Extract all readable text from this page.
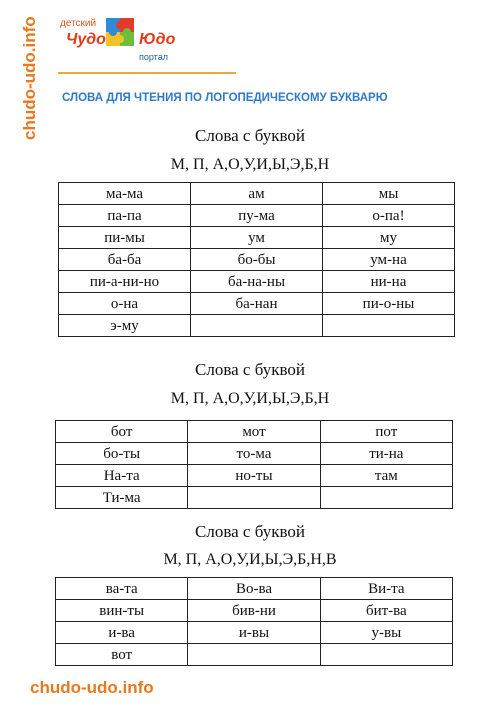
chudo-udo.info детский
Чудо Юдо
портал
СЛОВА ДЛЯ ЧТЕНИЯ ПО ЛОГОПЕДИЧЕСКОМУ БУКВАРЮ
Слова с буквой
М, П, А,О,У,И,Ы,Э,Б,Н
ма-ма	ам	мы
па-па	пу-ма	о-па!
пи-мы	ум	му
ба-ба	бо-бы	ум-на
пи-а-ни-но	ба-на-ны	ни-на
о-на	ба-нан	пи-о-ны
э-му		
Слова с буквой
М, П, А,О,У,И,Ы,Э,Б,Н
бот	мот	пот
бо-ты	то-ма	ти-на
На-та	но-ты	там
Ти-ма		
Слова с буквой
М, П, А,О,У,И,Ы,Э,Б,Н,В
ва-та	Во-ва	Ви-та
вин-ты	бив-ни	бит-ва
и-ва	и-вы	у-вы
вот		
chudo-udo.info
